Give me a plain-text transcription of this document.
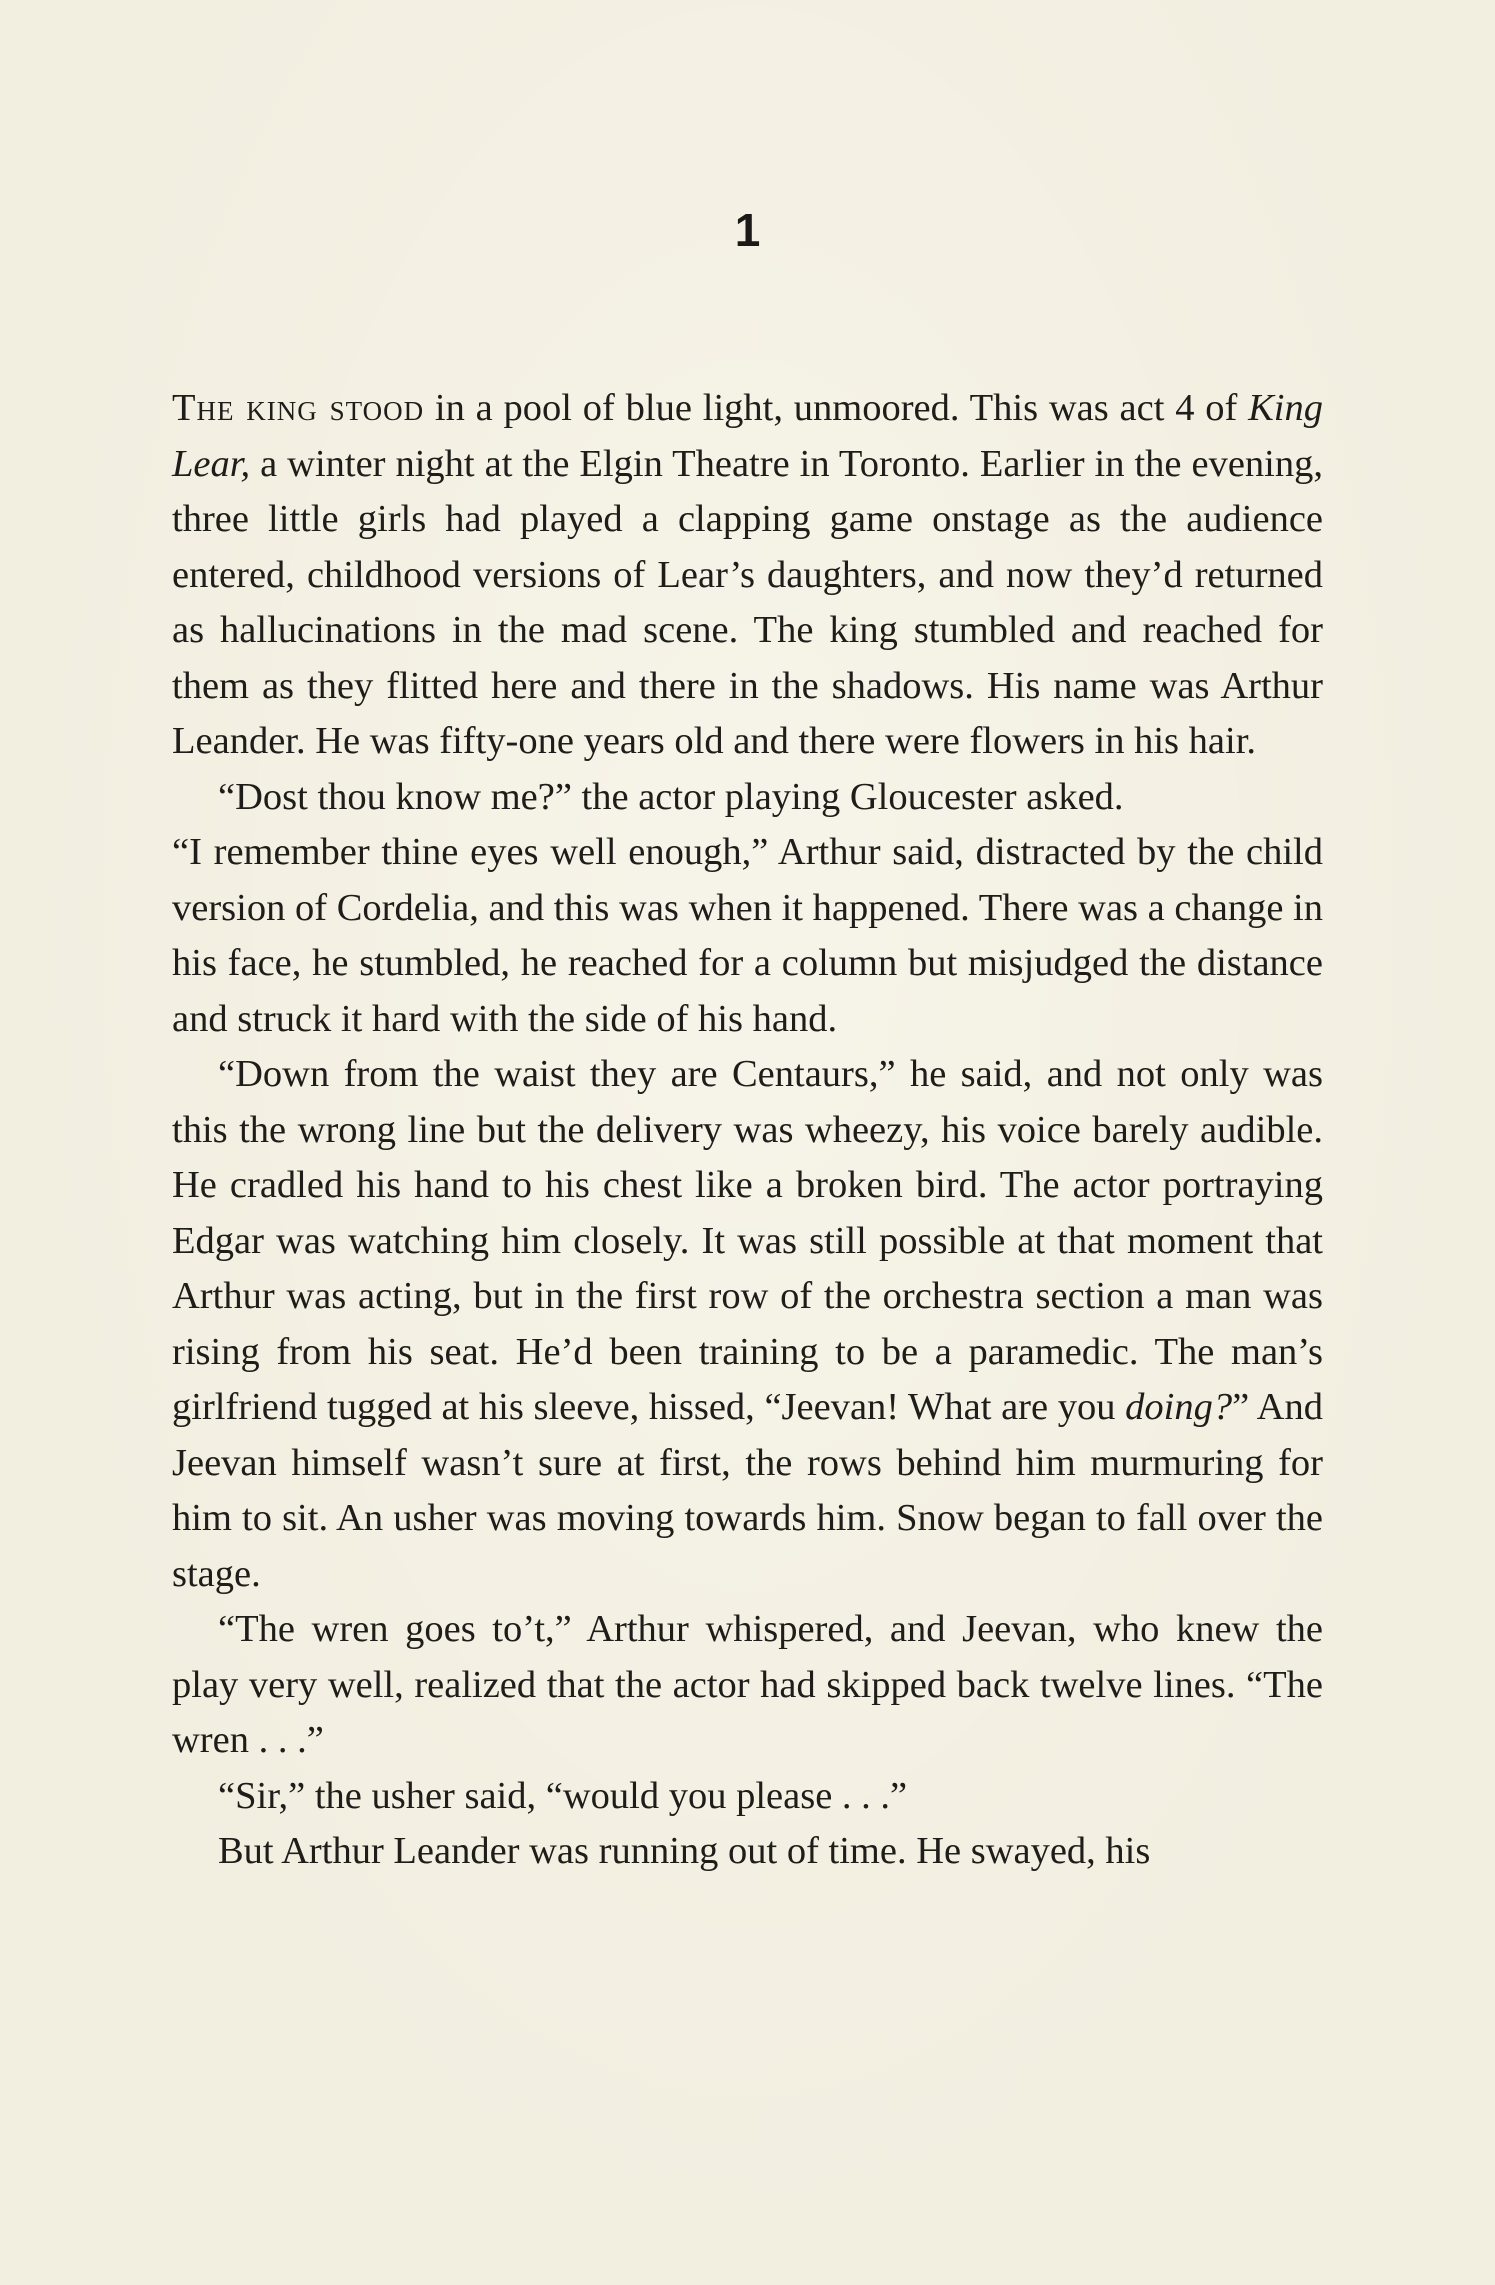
1

The king stood in a pool of blue light, unmoored. This was act 4 of King Lear, a winter night at the Elgin Theatre in Toronto. Earlier in the evening, three little girls had played a clapping game onstage as the audience entered, childhood versions of Lear’s daughters, and now they’d returned as hallucinations in the mad scene. The king stumbled and reached for them as they flitted here and there in the shadows. His name was Arthur Leander. He was fifty-one years old and there were flowers in his hair.

“Dost thou know me?” the actor playing Gloucester asked.

“I remember thine eyes well enough,” Arthur said, distracted by the child version of Cordelia, and this was when it happened. There was a change in his face, he stumbled, he reached for a column but misjudged the distance and struck it hard with the side of his hand.

“Down from the waist they are Centaurs,” he said, and not only was this the wrong line but the delivery was wheezy, his voice barely audible. He cradled his hand to his chest like a broken bird. The actor portraying Edgar was watching him closely. It was still possible at that moment that Arthur was acting, but in the first row of the orchestra section a man was rising from his seat. He’d been training to be a paramedic. The man’s girlfriend tugged at his sleeve, hissed, “Jeevan! What are you doing?” And Jeevan himself wasn’t sure at first, the rows behind him murmuring for him to sit. An usher was moving towards him. Snow began to fall over the stage.

“The wren goes to’t,” Arthur whispered, and Jeevan, who knew the play very well, realized that the actor had skipped back twelve lines. “The wren . . .”

“Sir,” the usher said, “would you please . . .”

But Arthur Leander was running out of time. He swayed, his
